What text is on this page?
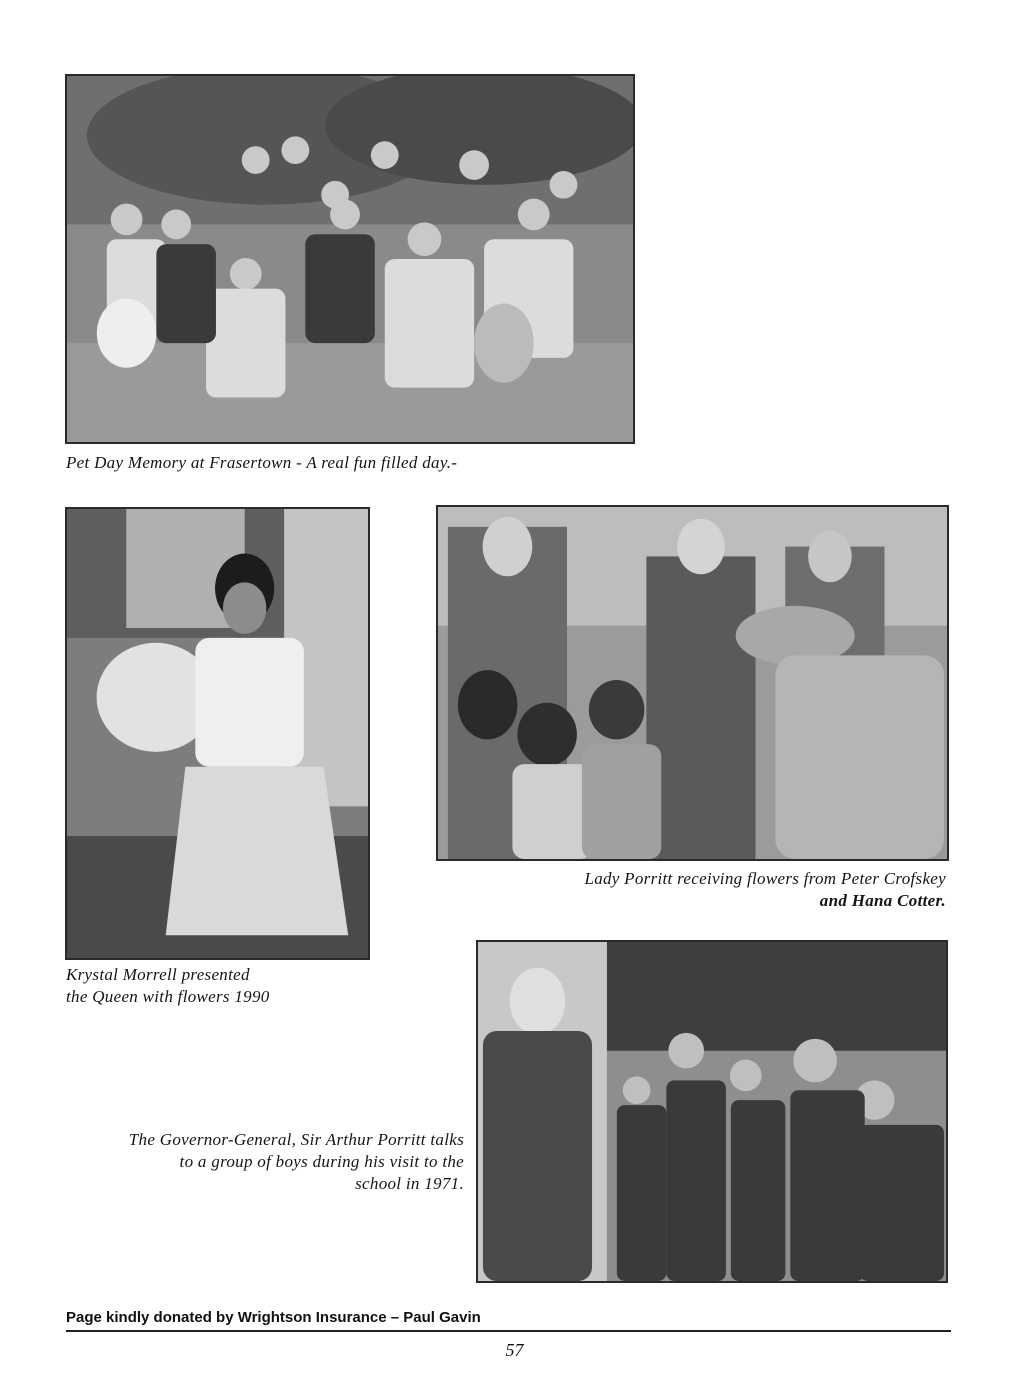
Pet Day Memory at Frasertown - A real fun filled day.-
Krystal Morrell presented
the Queen with flowers 1990
Lady Porritt receiving flowers from Peter Crofskey
and Hana Cotter.
The Governor-General, Sir Arthur Porritt talks
to a group of boys during his visit to the
school in 1971.
Page kindly donated by Wrightson Insurance – Paul Gavin
57
